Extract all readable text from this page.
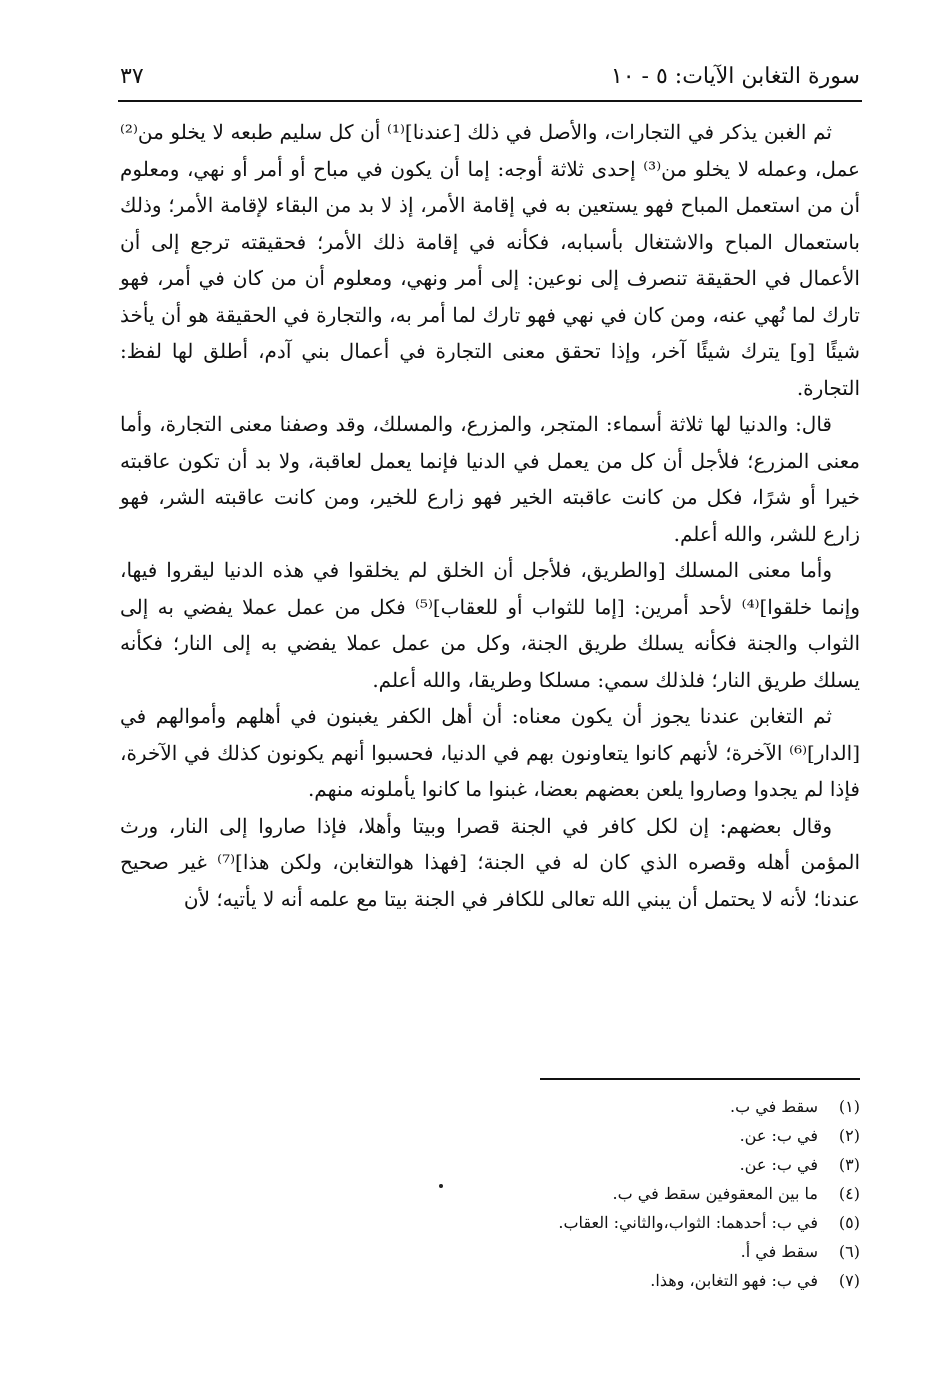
سورة التغابن الآيات: ٥ - ١٠
٣٧

ثم الغبن يذكر في التجارات، والأصل في ذلك [عندنا]⁽¹⁾ أن كل سليم طبعه لا يخلو من⁽²⁾ عمل، وعمله لا يخلو من⁽³⁾ إحدى ثلاثة أوجه: إما أن يكون في مباح أو أمر أو نهي، ومعلوم أن من استعمل المباح فهو يستعين به في إقامة الأمر، إذ لا بد من البقاء لإقامة الأمر؛ وذلك باستعمال المباح والاشتغال بأسبابه، فكأنه في إقامة ذلك الأمر؛ فحقيقته ترجع إلى أن الأعمال في الحقيقة تنصرف إلى نوعين: إلى أمر ونهي، ومعلوم أن من كان في أمر، فهو تارك لما نُهي عنه، ومن كان في نهي فهو تارك لما أمر به، والتجارة في الحقيقة هو أن يأخذ شيئًا [و] يترك شيئًا آخر، وإذا تحقق معنى التجارة في أعمال بني آدم، أطلق لها لفظ: التجارة.

قال: والدنيا لها ثلاثة أسماء: المتجر، والمزرع، والمسلك، وقد وصفنا معنى التجارة، وأما معنى المزرع؛ فلأجل أن كل من يعمل في الدنيا فإنما يعمل لعاقبة، ولا بد أن تكون عاقبته خيرا أو شرًا، فكل من كانت عاقبته الخير فهو زارع للخير، ومن كانت عاقبته الشر، فهو زارع للشر، والله أعلم.

وأما معنى المسلك [والطريق، فلأجل أن الخلق لم يخلقوا في هذه الدنيا ليقروا فيها، وإنما خلقوا]⁽⁴⁾ لأحد أمرين: [إما للثواب أو للعقاب]⁽⁵⁾ فكل من عمل عملا يفضي به إلى الثواب والجنة فكأنه يسلك طريق الجنة، وكل من عمل عملا يفضي به إلى النار؛ فكأنه يسلك طريق النار؛ فلذلك سمي: مسلكا وطريقا، والله أعلم.

ثم التغابن عندنا يجوز أن يكون معناه: أن أهل الكفر يغبنون في أهلهم وأموالهم في [الدار]⁽⁶⁾ الآخرة؛ لأنهم كانوا يتعاونون بهم في الدنيا، فحسبوا أنهم يكونون كذلك في الآخرة، فإذا لم يجدوا وصاروا يلعن بعضهم بعضا، غبنوا ما كانوا يأملونه منهم.

وقال بعضهم: إن لكل كافر في الجنة قصرا وبيتا وأهلا، فإذا صاروا إلى النار، ورث المؤمن أهله وقصره الذي كان له في الجنة؛ [فهذا هوالتغابن، ولكن هذا]⁽⁷⁾ غير صحيح عندنا؛ لأنه لا يحتمل أن يبني الله تعالى للكافر في الجنة بيتا مع علمه أنه لا يأتيه؛ لأن

(١)
سقط في ب.
(٢)
في ب: عن.
(٣)
في ب: عن.
(٤)
ما بين المعقوفين سقط في ب.
(٥)
في ب: أحدهما: الثواب،والثاني: العقاب.
(٦)
سقط في أ.
(٧)
في ب: فهو التغابن، وهذا.
